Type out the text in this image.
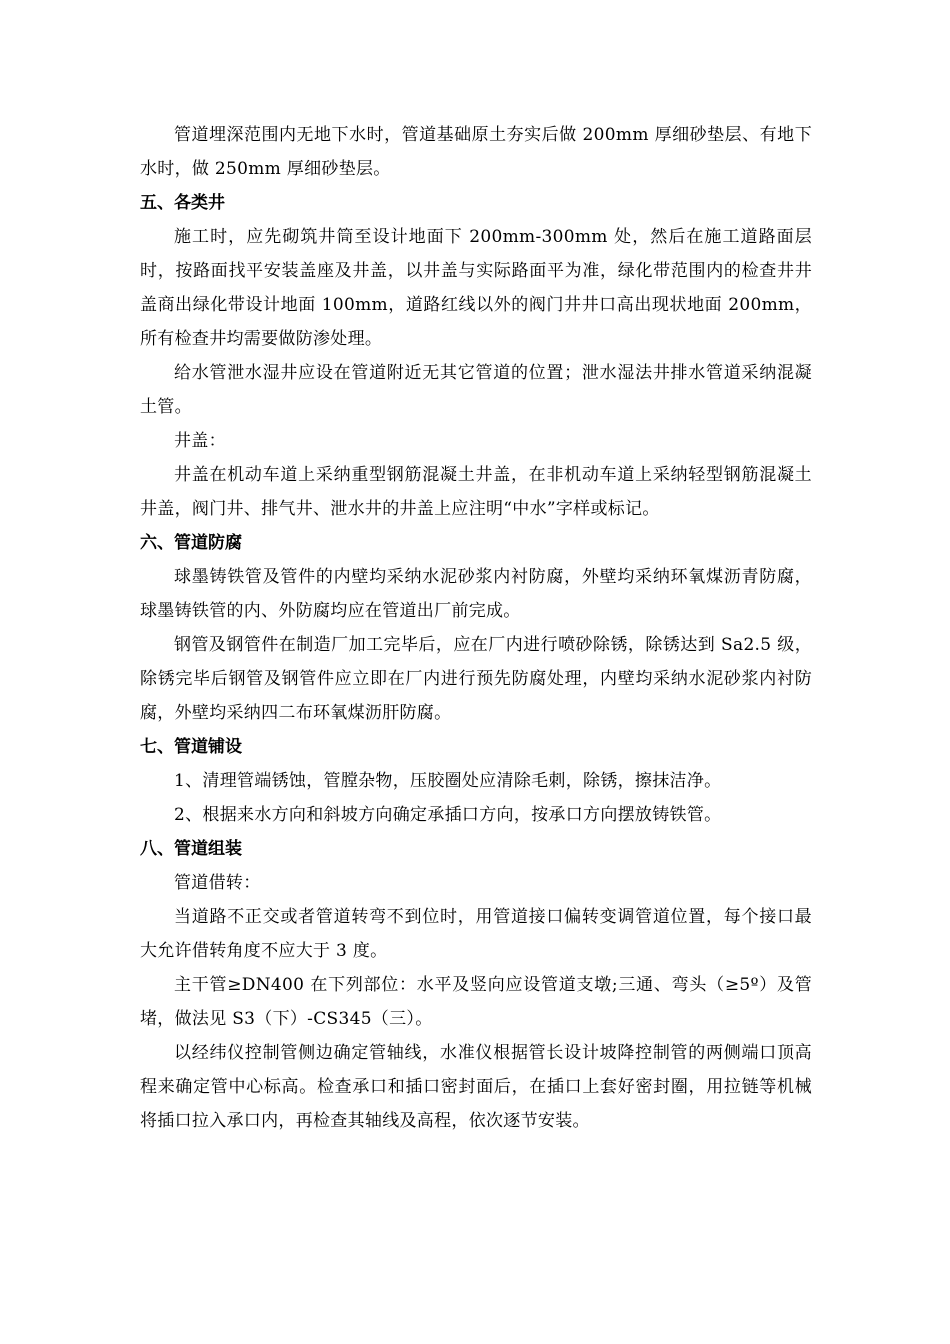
管道埋深范围内无地下水时，管道基础原土夯实后做 200mm 厚细砂垫层、有地下水时，做 250mm 厚细砂垫层。

五、各类井

施工时，应先砌筑井筒至设计地面下 200mm-300mm 处，然后在施工道路面层时，按路面找平安装盖座及井盖，以井盖与实际路面平为准，绿化带范围内的检查井井盖商出绿化带设计地面 100mm，道路红线以外的阀门井井口高出现状地面 200mm，所有检查井均需要做防渗处理。

给水管泄水湿井应设在管道附近无其它管道的位置；泄水湿法井排水管道采纳混凝土管。

井盖：

井盖在机动车道上采纳重型钢筋混凝土井盖，在非机动车道上采纳轻型钢筋混凝土井盖，阀门井、排气井、泄水井的井盖上应注明“中水”字样或标记。

六、管道防腐

球墨铸铁管及管件的内壁均采纳水泥砂浆内衬防腐，外壁均采纳环氧煤沥青防腐，球墨铸铁管的内、外防腐均应在管道出厂前完成。

钢管及钢管件在制造厂加工完毕后，应在厂内进行喷砂除锈，除锈达到 Sa2.5 级，除锈完毕后钢管及钢管件应立即在厂内进行预先防腐处理，内壁均采纳水泥砂浆内衬防腐，外壁均采纳四二布环氧煤沥肝防腐。

七、管道铺设

1、清理管端锈蚀，管膛杂物，压胶圈处应清除毛刺，除锈，擦抹洁净。

2、根据来水方向和斜坡方向确定承插口方向，按承口方向摆放铸铁管。

八、管道组装

管道借转：

当道路不正交或者管道转弯不到位时，用管道接口偏转变调管道位置，每个接口最大允许借转角度不应大于 3 度。

主干管≥DN400 在下列部位：水平及竖向应设管道支墩;三通、弯头（≥5º）及管堵，做法见 S3（下）-CS345（三）。

以经纬仪控制管侧边确定管轴线，水准仪根据管长设计坡降控制管的两侧端口顶高程来确定管中心标高。检查承口和插口密封面后，在插口上套好密封圈，用拉链等机械将插口拉入承口内，再检查其轴线及高程，依次逐节安装。
